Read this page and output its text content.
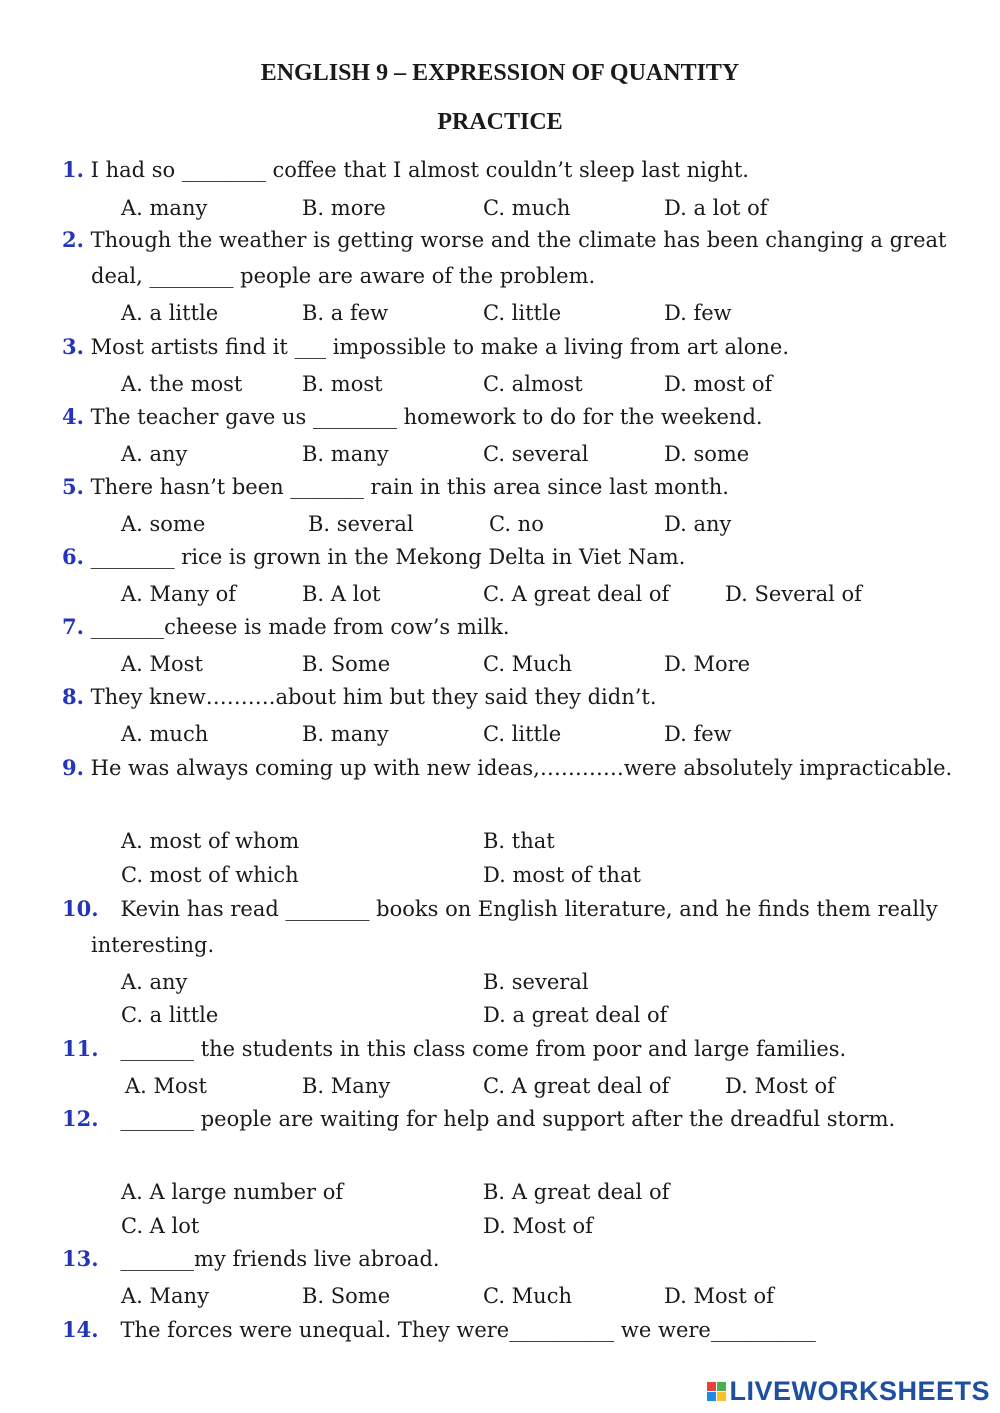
ENGLISH 9 – EXPRESSION OF QUANTITY
PRACTICE
1. I had so ________ coffee that I almost couldn’t sleep last night.
A. many	B. more	C. much	D. a lot of
2. Though the weather is getting worse and the climate has been changing a great deal, ________ people are aware of the problem.
A. a little	B. a few	C. little	D. few
3. Most artists find it ___ impossible to make a living from art alone.
A. the most	B. most	C. almost	D. most of
4. The teacher gave us ________ homework to do for the weekend.
A. any	B. many	C. several	D. some
5. There hasn’t been _______ rain in this area since last month.
A. some	B. several	C. no	D. any
6. ________ rice is grown in the Mekong Delta in Viet Nam.
A. Many of	B. A lot	C. A great deal of	D. Several of
7. _______cheese is made from cow’s milk.
A. Most	B. Some	C. Much	D. More
8. They knew……….about him but they said they didn’t.
A. much	B. many	C. little	D. few
9. He was always coming up with new ideas,…………were absolutely impracticable.
A. most of whom	B. that
C. most of which	D. most of that
10. Kevin has read ________ books on English literature, and he finds them really interesting.
A. any	B. several
C. a little	D. a great deal of
11. _______ the students in this class come from poor and large families.
A. Most	B. Many	C. A great deal of	D. Most of
12. _______ people are waiting for help and support after the dreadful storm.
A. A large number of	B. A great deal of
C. A lot	D. Most of
13. _______my friends live abroad.
A. Many	B. Some	C. Much	D. Most of
14. The forces were unequal. They were__________ we were__________
LIVEWORKSHEETS
